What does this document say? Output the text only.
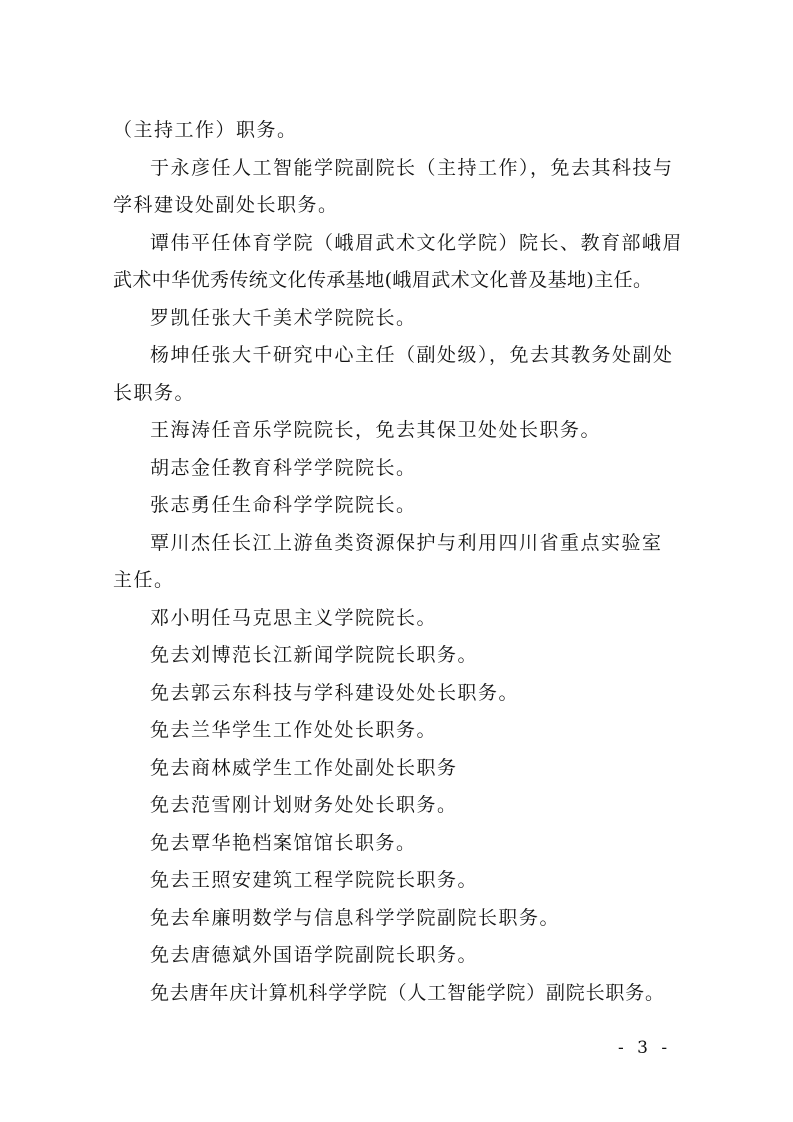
（主持工作）职务。
于永彦任人工智能学院副院长（主持工作），免去其科技与
学科建设处副处长职务。
谭伟平任体育学院（峨眉武术文化学院）院长、教育部峨眉
武术中华优秀传统文化传承基地(峨眉武术文化普及基地)主任。
罗凯任张大千美术学院院长。
杨坤任张大千研究中心主任（副处级），免去其教务处副处
长职务。
王海涛任音乐学院院长，免去其保卫处处长职务。
胡志金任教育科学学院院长。
张志勇任生命科学学院院长。
覃川杰任长江上游鱼类资源保护与利用四川省重点实验室
主任。
邓小明任马克思主义学院院长。
免去刘博范长江新闻学院院长职务。
免去郭云东科技与学科建设处处长职务。
免去兰华学生工作处处长职务。
免去商林威学生工作处副处长职务
免去范雪刚计划财务处处长职务。
免去覃华艳档案馆馆长职务。
免去王照安建筑工程学院院长职务。
免去牟廉明数学与信息科学学院副院长职务。
免去唐德斌外国语学院副院长职务。
免去唐年庆计算机科学学院（人工智能学院）副院长职务。
- 3 -
